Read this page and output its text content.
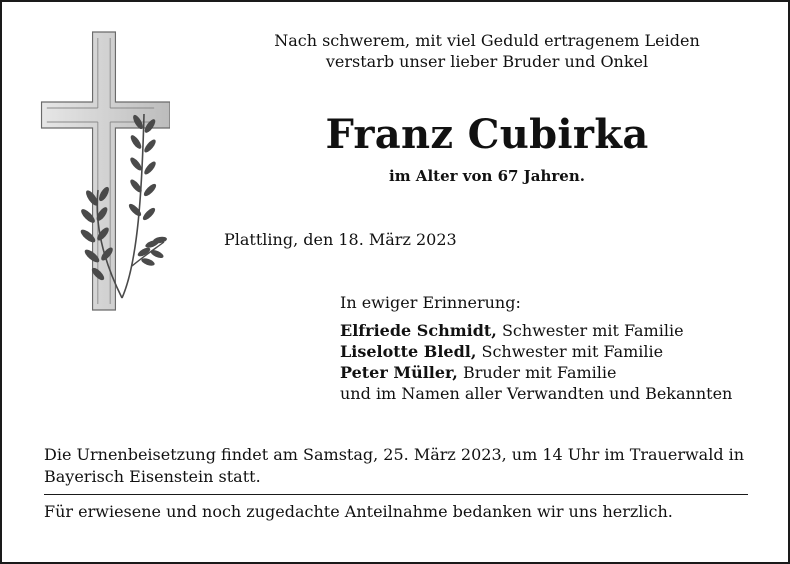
Nach schwerem, mit viel Geduld ertragenem Leiden
verstarb unser lieber Bruder und Onkel
Franz Cubirka
im Alter von 67 Jahren.
Plattling, den 18. März 2023
In ewiger Erinnerung:
Elfriede Schmidt, Schwester mit Familie
Liselotte Bledl, Schwester mit Familie
Peter Müller, Bruder mit Familie
und im Namen aller Verwandten und Bekannten
Die Urnenbeisetzung findet am Samstag, 25. März 2023, um 14 Uhr im Trauerwald in
Bayerisch Eisenstein statt.
Für erwiesene und noch zugedachte Anteilnahme bedanken wir uns herzlich.
